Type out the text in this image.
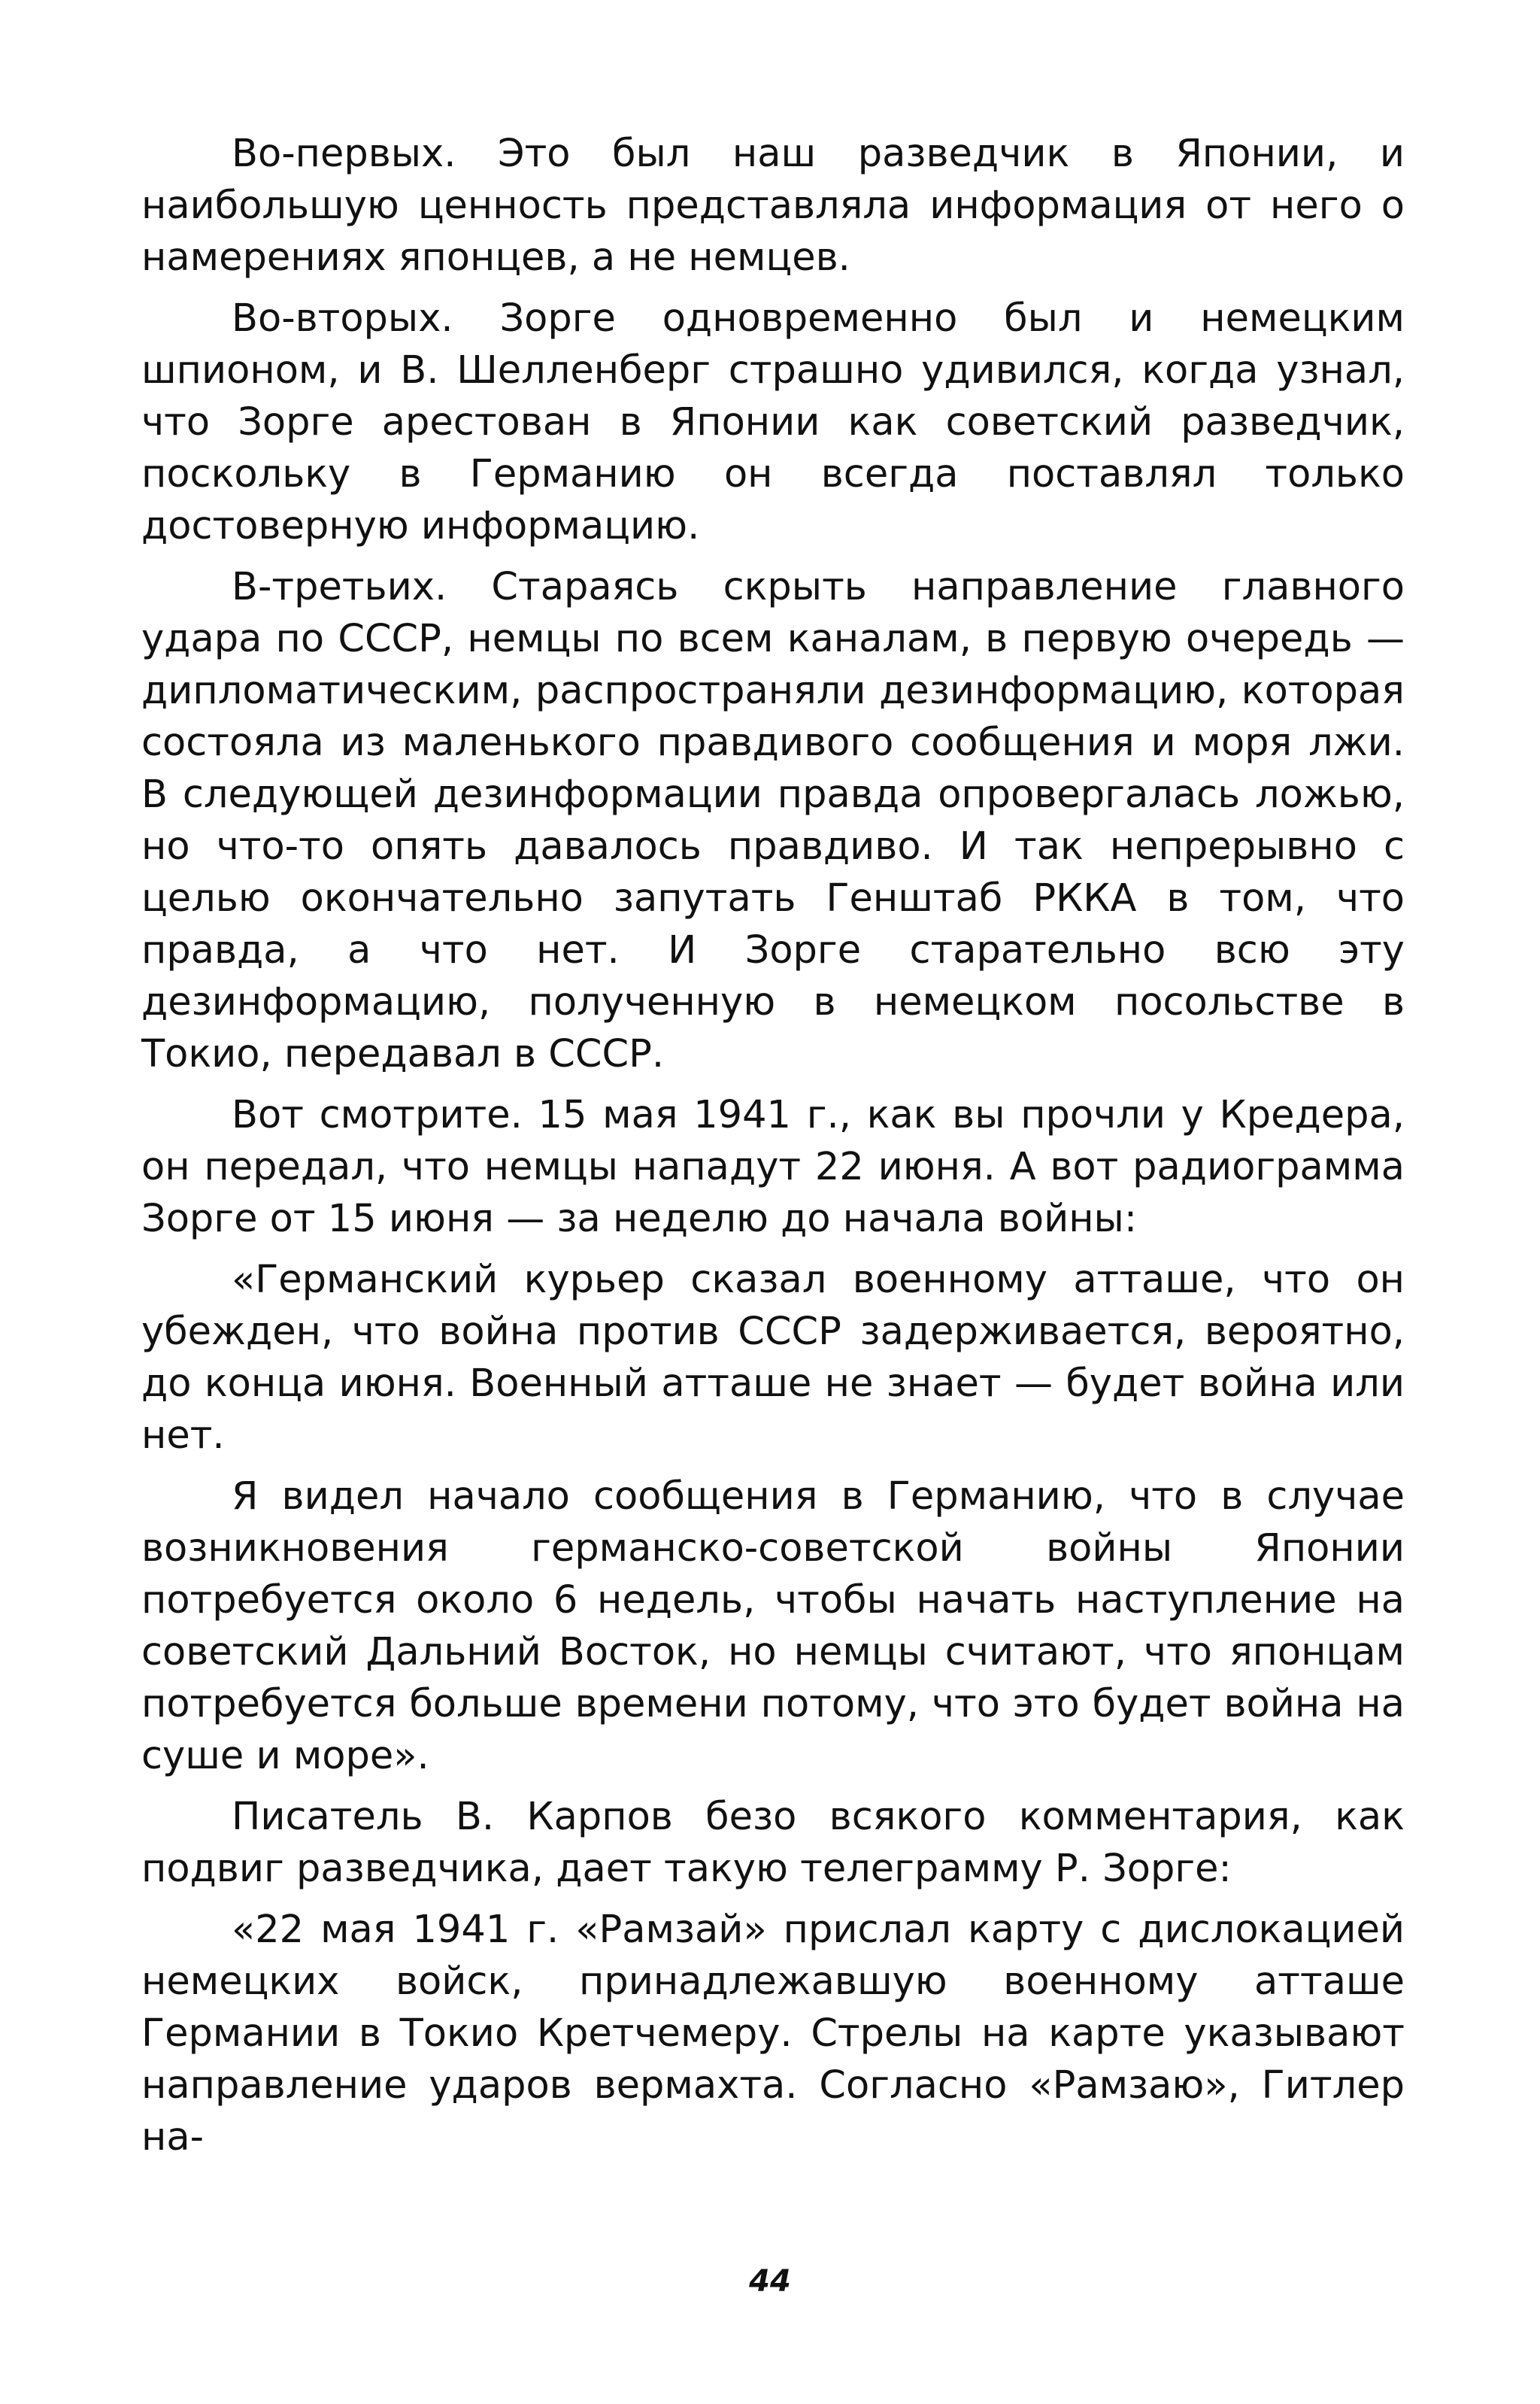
Во-первых. Это был наш разведчик в Японии, и наибольшую ценность представляла информация от него о намерениях японцев, а не немцев.

Во-вторых. Зорге одновременно был и немецким шпионом, и В. Шелленберг страшно удивился, когда узнал, что Зорге арестован в Японии как советский разведчик, поскольку в Германию он всегда поставлял только достоверную информацию.

В-третьих. Стараясь скрыть направление главного удара по СССР, немцы по всем каналам, в первую очередь — дипломатическим, распространяли дезинформацию, которая состояла из маленького правдивого сообщения и моря лжи. В следующей дезинформации правда опровергалась ложью, но что-то опять давалось правдиво. И так непрерывно с целью окончательно запутать Генштаб РККА в том, что правда, а что нет. И Зорге старательно всю эту дезинформацию, полученную в немецком посольстве в Токио, передавал в СССР.

Вот смотрите. 15 мая 1941 г., как вы прочли у Кредера, он передал, что немцы нападут 22 июня. А вот радиограмма Зорге от 15 июня — за неделю до начала войны:

«Германский курьер сказал военному атташе, что он убежден, что война против СССР задерживается, вероятно, до конца июня. Военный атташе не знает — будет война или нет.

Я видел начало сообщения в Германию, что в случае возникновения германско-советской войны Японии потребуется около 6 недель, чтобы начать наступление на советский Дальний Восток, но немцы считают, что японцам потребуется больше времени потому, что это будет война на суше и море».

Писатель В. Карпов безо всякого комментария, как подвиг разведчика, дает такую телеграмму Р. Зорге:

«22 мая 1941 г. «Рамзай» прислал карту с дислокацией немецких войск, принадлежавшую военному атташе Германии в Токио Кретчемеру. Стрелы на карте указывают направление ударов вермахта. Согласно «Рамзаю», Гитлер на-

44
